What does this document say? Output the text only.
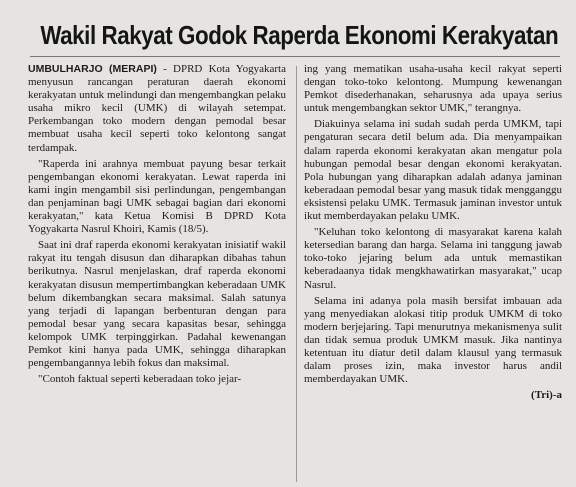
Wakil Rakyat Godok Raperda Ekonomi Kerakyatan

UMBULHARJO (MERAPI) - DPRD Kota Yogyakarta menyusun rancangan peraturan daerah ekonomi kerakyatan untuk melindungi dan mengembangkan pelaku usaha mikro kecil (UMK) di wilayah setempat. Perkembangan toko modern dengan pemodal besar membuat usaha kecil seperti toko kelontong sangat terdampak.

"Raperda ini arahnya membuat payung besar terkait pengembangan ekonomi kerakyatan. Lewat raperda ini kami ingin mengambil sisi perlindungan, pengembangan dan penjaminan bagi UMK sebagai bagian dari ekonomi kerakyatan," kata Ketua Komisi B DPRD Kota Yogyakarta Nasrul Khoiri, Kamis (18/5).

Saat ini draf raperda ekonomi kerakyatan inisiatif wakil rakyat itu tengah disusun dan diharapkan dibahas tahun berikutnya. Nasrul menjelaskan, draf raperda ekonomi kerakyatan disusun mempertimbangkan keberadaan UMK belum dikembangkan secara maksimal. Salah satunya yang terjadi di lapangan berbenturan dengan para pemodal besar yang secara kapasitas besar, sehingga kelompok UMK terpinggirkan. Padahal kewenangan Pemkot kini hanya pada UMK, sehingga diharapkan pengembangannya lebih fokus dan maksimal.

"Contoh faktual seperti keberadaan toko jejar-

ing yang mematikan usaha-usaha kecil rakyat seperti dengan toko-toko kelontong. Mumpung kewenangan Pemkot disederhanakan, seharusnya ada upaya serius untuk mengembangkan sektor UMK," terangnya.

Diakuinya selama ini sudah sudah perda UMKM, tapi pengaturan secara detil belum ada. Dia menyampaikan dalam raperda ekonomi kerakyatan akan mengatur pola hubungan pemodal besar dengan ekonomi kerakyatan. Pola hubungan yang diharapkan adalah adanya jaminan keberadaan pemodal besar yang masuk tidak mengganggu eksistensi pelaku UMK. Termasuk jaminan investor untuk ikut memberdayakan pelaku UMK.

"Keluhan toko kelontong di masyarakat karena kalah ketersedian barang dan harga. Selama ini tanggung jawab toko-toko jejaring belum ada untuk memastikan keberadaanya tidak mengkhawatirkan masyarakat," ucap Nasrul.

Selama ini adanya pola masih bersifat imbauan ada yang menyediakan alokasi titip produk UMKM di toko modern berjejaring. Tapi menurutnya mekanismenya sulit dan tidak semua produk UMKM masuk. Jika nantinya ketentuan itu diatur detil dalam klausul yang termasuk dalam proses izin, maka investor harus andil memberdayakan UMK.

(Tri)-a
